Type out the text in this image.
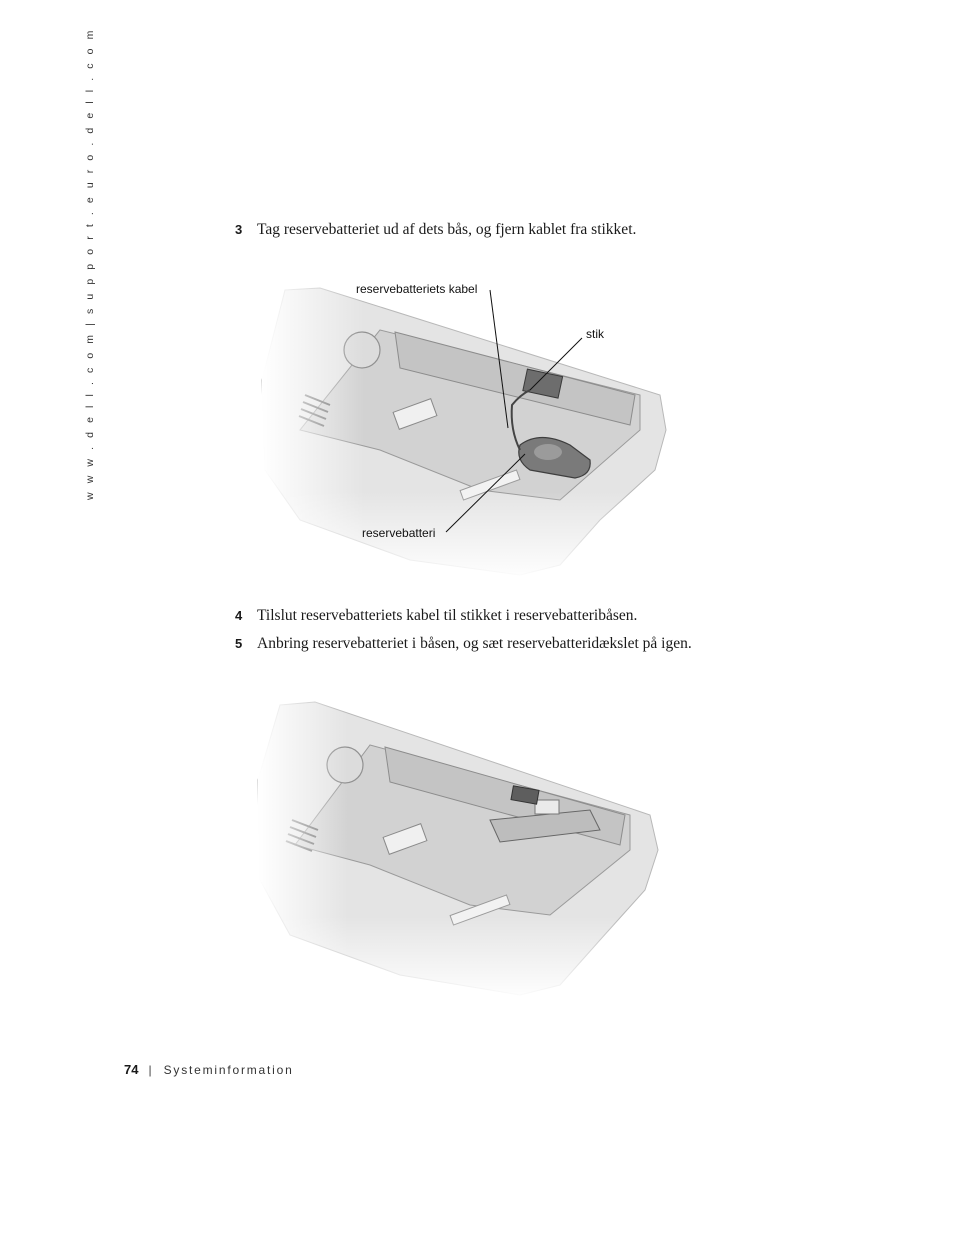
w w w . d e l l . c o m | s u p p o r t . e u r o . d e l l . c o m	3 Tag reservebatteriet ud af dets bås, og fjern kablet fra stikket.
reservebatteriets kabel
stik
reservebatteri
4 Tilslut reservebatteriets kabel til stikket i reservebatteribåsen.
5 Anbring reservebatteriet i båsen, og sæt reservebatteridækslet på igen.
74 | Systeminformation
